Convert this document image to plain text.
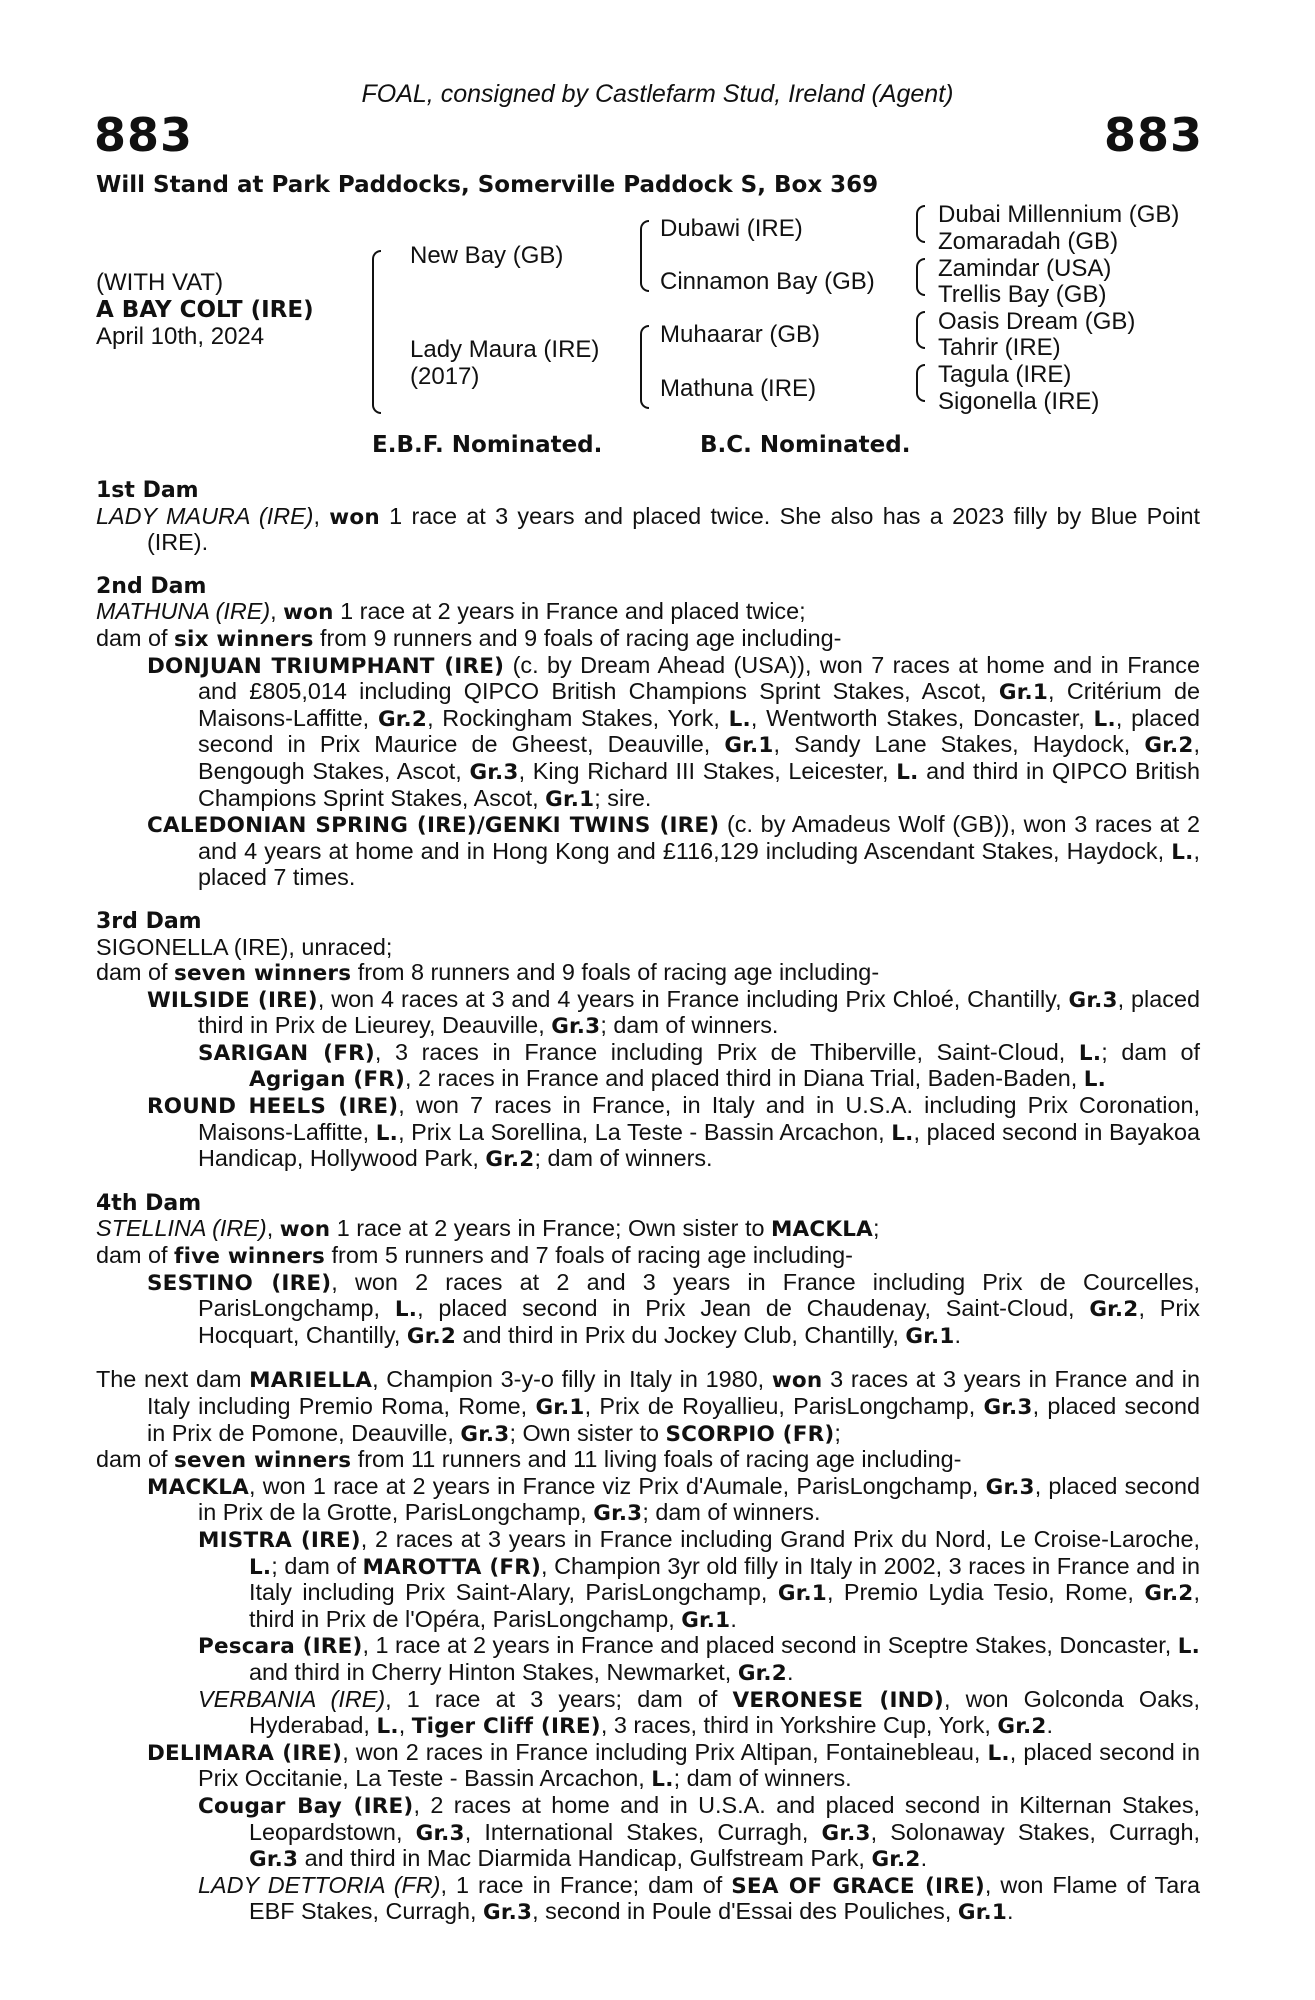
FOAL, consigned by Castlefarm Stud, Ireland (Agent)
883	883
Will Stand at Park Paddocks, Somerville Paddock S, Box 369
(WITH VAT)
A BAY COLT (IRE)
April 10th, 2024
New Bay (GB)
Lady Maura (IRE)
(2017)
Dubawi (IRE)
Cinnamon Bay (GB)
Muhaarar (GB)
Mathuna (IRE)
Dubai Millennium (GB)
Zomaradah (GB)
Zamindar (USA)
Trellis Bay (GB)
Oasis Dream (GB)
Tahrir (IRE)
Tagula (IRE)
Sigonella (IRE)
E.B.F. Nominated.	B.C. Nominated.
1st Dam
LADY MAURA (IRE), won 1 race at 3 years and placed twice. She also has a 2023 filly by Blue Point (IRE).
2nd Dam
MATHUNA (IRE), won 1 race at 2 years in France and placed twice;
dam of six winners from 9 runners and 9 foals of racing age including-
DONJUAN TRIUMPHANT (IRE) (c. by Dream Ahead (USA)), won 7 races at home and in France and £805,014 including QIPCO British Champions Sprint Stakes, Ascot, Gr.1, Critérium de Maisons-Laffitte, Gr.2, Rockingham Stakes, York, L., Wentworth Stakes, Doncaster, L., placed second in Prix Maurice de Gheest, Deauville, Gr.1, Sandy Lane Stakes, Haydock, Gr.2, Bengough Stakes, Ascot, Gr.3, King Richard III Stakes, Leicester, L. and third in QIPCO British Champions Sprint Stakes, Ascot, Gr.1; sire.
CALEDONIAN SPRING (IRE)/GENKI TWINS (IRE) (c. by Amadeus Wolf (GB)), won 3 races at 2 and 4 years at home and in Hong Kong and £116,129 including Ascendant Stakes, Haydock, L., placed 7 times.
3rd Dam
SIGONELLA (IRE), unraced;
dam of seven winners from 8 runners and 9 foals of racing age including-
WILSIDE (IRE), won 4 races at 3 and 4 years in France including Prix Chloé, Chantilly, Gr.3, placed third in Prix de Lieurey, Deauville, Gr.3; dam of winners.
SARIGAN (FR), 3 races in France including Prix de Thiberville, Saint-Cloud, L.; dam of Agrigan (FR), 2 races in France and placed third in Diana Trial, Baden-Baden, L.
ROUND HEELS (IRE), won 7 races in France, in Italy and in U.S.A. including Prix Coronation, Maisons-Laffitte, L., Prix La Sorellina, La Teste - Bassin Arcachon, L., placed second in Bayakoa Handicap, Hollywood Park, Gr.2; dam of winners.
4th Dam
STELLINA (IRE), won 1 race at 2 years in France; Own sister to MACKLA;
dam of five winners from 5 runners and 7 foals of racing age including-
SESTINO (IRE), won 2 races at 2 and 3 years in France including Prix de Courcelles, ParisLongchamp, L., placed second in Prix Jean de Chaudenay, Saint-Cloud, Gr.2, Prix Hocquart, Chantilly, Gr.2 and third in Prix du Jockey Club, Chantilly, Gr.1.
The next dam MARIELLA, Champion 3-y-o filly in Italy in 1980, won 3 races at 3 years in France and in Italy including Premio Roma, Rome, Gr.1, Prix de Royallieu, ParisLongchamp, Gr.3, placed second in Prix de Pomone, Deauville, Gr.3; Own sister to SCORPIO (FR);
dam of seven winners from 11 runners and 11 living foals of racing age including-
MACKLA, won 1 race at 2 years in France viz Prix d'Aumale, ParisLongchamp, Gr.3, placed second in Prix de la Grotte, ParisLongchamp, Gr.3; dam of winners.
MISTRA (IRE), 2 races at 3 years in France including Grand Prix du Nord, Le Croise-Laroche, L.; dam of MAROTTA (FR), Champion 3yr old filly in Italy in 2002, 3 races in France and in Italy including Prix Saint-Alary, ParisLongchamp, Gr.1, Premio Lydia Tesio, Rome, Gr.2, third in Prix de l'Opéra, ParisLongchamp, Gr.1.
Pescara (IRE), 1 race at 2 years in France and placed second in Sceptre Stakes, Doncaster, L. and third in Cherry Hinton Stakes, Newmarket, Gr.2.
VERBANIA (IRE), 1 race at 3 years; dam of VERONESE (IND), won Golconda Oaks, Hyderabad, L., Tiger Cliff (IRE), 3 races, third in Yorkshire Cup, York, Gr.2.
DELIMARA (IRE), won 2 races in France including Prix Altipan, Fontainebleau, L., placed second in Prix Occitanie, La Teste - Bassin Arcachon, L.; dam of winners.
Cougar Bay (IRE), 2 races at home and in U.S.A. and placed second in Kilternan Stakes, Leopardstown, Gr.3, International Stakes, Curragh, Gr.3, Solonaway Stakes, Curragh, Gr.3 and third in Mac Diarmida Handicap, Gulfstream Park, Gr.2.
LADY DETTORIA (FR), 1 race in France; dam of SEA OF GRACE (IRE), won Flame of Tara EBF Stakes, Curragh, Gr.3, second in Poule d'Essai des Pouliches, Gr.1.
